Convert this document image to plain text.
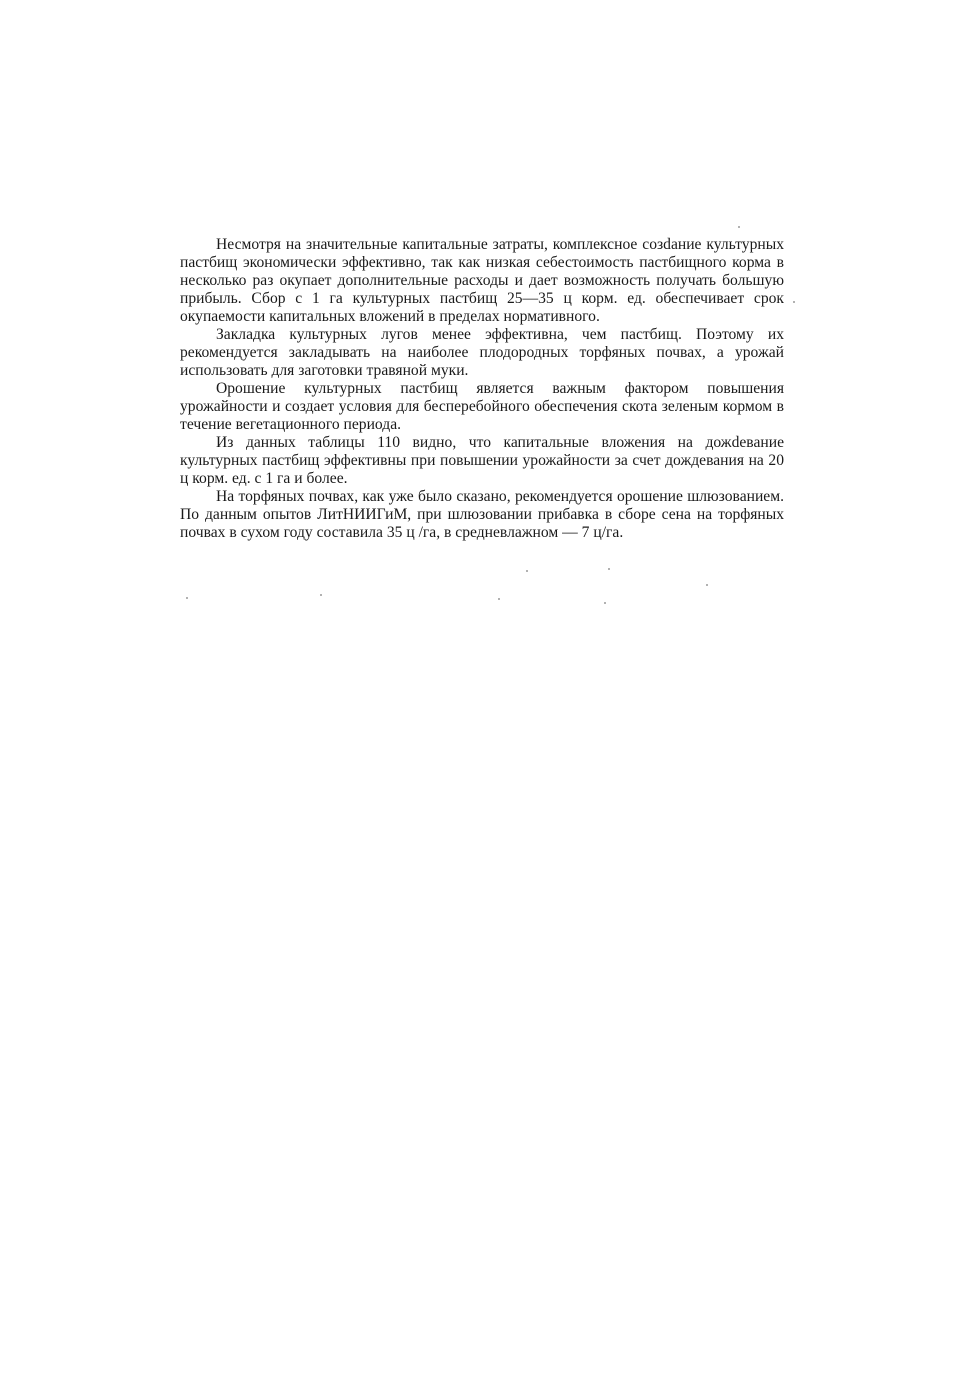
Несмотря на значительные капитальные затраты, комплексное созdание культурных пастбищ экономически эффективно, так как низкая себестоимость пастбищного корма в несколько раз окупает дополнительные расходы и дает возможность получать большую прибыль. Сбор с 1 га культурных пастбищ 25—35 ц корм. ед. обеспечивает срок окупаемости капитальных вложений в пределах нормативного.

Закладка культурных лугов менее эффективна, чем пастбищ. Поэтому их рекомендуется закладывать на наиболее плодородных торфяных почвах, а урожай использовать для заготовки травяной муки.

Орошение культурных пастбищ является важным фактором повышения урожайности и создает условия для бесперебойного обеспечения скота зеленым кормом в течение вегетационного периода.

Из данных таблицы 110 видно, что капитальные вложения на дожdевание культурных пастбищ эффективны при повышении урожайности за счет дождевания на 20 ц корм. ед. с 1 га и более.

На торфяных почвах, как уже было сказано, рекомендуется орошение шлюзованием. По данным опытов ЛитНИИГиМ, при шлюзовании прибавка в сборе сена на торфяных почвах в сухом году составила 35 ц /га, в средневлажном — 7 ц/га.
